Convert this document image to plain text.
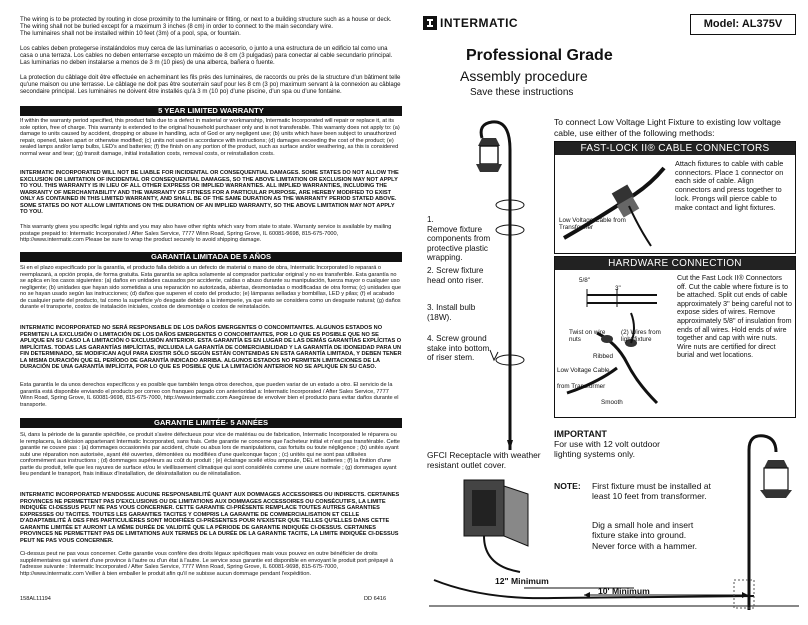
The wiring is to be protected by routing in close proximity to the luminaire or fitting, or next to a building structure such as a house or deck.

The wiring shall not be buried except for a maximum 3 inches (8 cm) in order to connect to the main secondary wire.

The luminaires shall not be installed within 10 feet (3m) of a pool, spa, or fountain.

Los cables deben protegerse instalándolos muy cerca de las luminarias o accesorio, o junto a una estructura de un edificio tal como una casa o una terraza. Los cables no deben enterrarse excepto un máximo de 8 cm (3 pulgadas) para conectar al cable secundario principal. Las luminarias no deben instalarse a menos de 3 m (10 pies) de una alberca, bañera o fuente.

La protection du câblage doit être effectuée en acheminant les fils près des luminaires, de raccords ou près de la structure d'un bâtiment telle qu'une maison ou une terrasse. Le câblage ne doit pas être souterrain sauf pour les 8 cm (3 po) maximum servant à la connexion au câblage secondaire principal. Les luminaires ne doivent être installés qu'à 3 m (10 po) d'une piscine, d'un spa ou d'une fontaine.

5 YEAR LIMITED WARRANTY

If within the warranty period specified, this product fails due to a defect in material or workmanship, Intermatic Incorporated will repair or replace it, at its sole option, free of charge. This warranty is extended to the original household purchaser only and is not transferable. This warranty does not apply to: (a) damage to units caused by accident, dropping or abuse in handling, acts of God or any negligent use; (b) units which have been subject to unauthorized repair, opened, taken apart or otherwise modified; (c) units not used in accordance with instructions; (d) damages exceeding the cost of the product; (e) sealed lamps and/or lamp bulbs, LED's and batteries; (f) the finish on any portion of the product, such as surface and/or weathering, as this is considered normal wear and tear; (g) transit damage, initial installation costs, removal costs, or reinstallation costs.

INTERMATIC INCORPORATED WILL NOT BE LIABLE FOR INCIDENTAL OR CONSEQUENTIAL DAMAGES. SOME STATES DO NOT ALLOW THE EXCLUSION OR LIMITATION OF INCIDENTAL OR CONSEQUENTIAL DAMAGES, SO THE ABOVE LIMITATION OR EXCLUSION MAY NOT APPLY TO YOU. THIS WARRANTY IS IN LIEU OF ALL OTHER EXPRESS OR IMPLIED WARRANTIES. ALL IMPLIED WARRANTIES, INCLUDING THE WARRANTY OF MERCHANTABILITY AND THE WARRANTY OF FITNESS FOR A PARTICULAR PURPOSE, ARE HEREBY MODIFIED TO EXIST ONLY AS CONTAINED IN THIS LIMITED WARRANTY, AND SHALL BE OF THE SAME DURATION AS THE WARRANTY PERIOD STATED ABOVE. SOME STATES DO NOT ALLOW LIMITATIONS ON THE DURATION OF AN IMPLIED WARRANTY, SO THE ABOVE LIMITATION MAY NOT APPLY TO YOU.

This warranty gives you specific legal rights and you may also have other rights which vary from state to state. Warranty service is available by mailing postage prepaid to: Intermatic Incorporated / After Sales Service, 7777 Winn Road, Spring Grove, IL 60081-9698, 815-675-7000, http://www.intermatic.com Please be sure to wrap the product securely to avoid shipping damage.

GARANTÍA LIMITADA DE 5 AÑOS

Si en el plazo especificado por la garantía, el producto falla debido a un defecto de material o mano de obra, Intermatic Incorporated lo reparará o reemplazará, a opción propia, de forma gratuita. Esta garantía se aplica solamente al comprador particular original y no es transferible. Esta garantía no se aplica en los casos siguientes: (a) daños en unidades causados por accidente, caídas o abuso durante su manipulación, fuerza mayor o cualquier uso negligente; (b) unidades que hayan sido sometidas a una reparación no autorizada, abiertas, desmontadas o modificadas de otra forma; (c) unidades que no se hayan usado según las instrucciones; (d) daños que superen el costo del producto; (e) lámparas selladas y bombillas, LED y pilas; (f) el acabado de cualquier parte del producto, tal como la superficie y/o desgaste debido a la intemperie, ya que esto se considera como un desgaste natural; (g) daños durante el transporte, costos de instalación iniciales, costos de desmontaje o costos de reinstalación.

INTERMATIC INCORPORATED NO SERÁ RESPONSABLE DE LOS DAÑOS EMERGENTES O CONCOMITANTES. ALGUNOS ESTADOS NO PERMITEN LA EXCLUSIÓN O LIMITACIÓN DE LOS DAÑOS EMERGENTES O CONCOMITANTES, POR LO QUE ES POSIBLE QUE NO SE APLIQUE EN SU CASO LA LIMITACIÓN O EXCLUSIÓN ANTERIOR. ESTA GARANTÍA ES EN LUGAR DE LAS DEMÁS GARANTÍAS EXPLÍCITAS O IMPLÍCITAS. TODAS LAS GARANTÍAS IMPLÍCITAS, INCLUIDA LA GARANTÍA DE COMERCIABILIDAD Y LA GARANTÍA DE IDONEIDAD PARA UN FIN DETERMINADO, SE MODIFICAN AQUÍ PARA EXISTIR SÓLO SEGÚN ESTÁN CONTENIDAS EN ESTA GARANTÍA LIMITADA, Y DEBEN TENER LA MISMA DURACIÓN QUE EL PERÍODO DE GARANTÍA INDICADO ARRIBA. ALGUNOS ESTADOS NO PERMITEN LIMITACIONES DE LA DURACIÓN DE UNA GARANTÍA IMPLÍCITA, POR LO QUE ES POSIBLE QUE LA LIMITACIÓN ANTERIOR NO SE APLIQUE EN SU CASO.

Esta garantía le da unos derechos específicos y es posible que también tenga otros derechos, que pueden variar de un estado a otro. El servicio de la garantía está disponible enviando el producto por correo con franqueo pagado con anterioridad a: Intermatic Incorporated / After Sales Service, 7777 Winn Road, Spring Grove, IL 60081-9698, 815-675-7000, http://www.intermatic.com Asegúrese de envolver bien el producto para evitar daños durante el transporte.

GARANTIE LIMITÉE- 5 ANNÉES

Si, dans la période de la garantie spécifiée, ce produit s'avère défectueux pour vice de matériau ou de fabrication, Intermatic Incorporated le réparera ou le remplacera, la décision appartenant Intermatic Incorporated, sans frais. Cette garantie ne concerne que l'acheteur initial et n'est pas transférable. Cette garantie ne couvre pas : (a) dommages occasionnés par accident, chute ou abus lors de manipulations, cas fortuits ou toute négligence ; (b) unités ayant subi une réparation non autorisée, ayant été ouvertes, démontées ou modifiées d'une quelconque façon ; (c) unités qui ne sont pas utilisées conformément aux instructions ; (d) dommages supérieurs au coût du produit ; (e) éclairage scellé et/ou ampoule, DEL et batteries ; (f) la finition d'une partie du produit, telle que les rayures de surface et/ou le vieillissement climatique qui sont considérés comme une usure normale ; (g) dommages ayant lieu pendant le transport, frais initiaux d'installation, de désinstallation ou de réinstallation.

INTERMATIC INCORPORATED N'ENDOSSE AUCUNE RESPONSABILITÉ QUANT AUX DOMMAGES ACCESSOIRES OU INDIRECTS. CERTAINES PROVINCES NE PERMETTENT PAS D'EXCLUSIONS OU DE LIMITATIONS AUX DOMMAGES ACCESSOIRES OU CONSÉCUTIFS, LA LIMITE INDIQUÉE CI-DESSUS PEUT NE PAS VOUS CONCERNER. CETTE GARANTIE CI-PRÉSENTE REMPLACE TOUTES AUTRES GARANTIES EXPRESSES OU TACITES. TOUTES LES GARANTIES TACITES Y COMPRIS LA GARANTIE DE COMMERCIALISATION ET CELLE D'ADAPTABILITÉ À DES FINS PARTICULIÈRES SONT MODIFIÉES CI-PRÉSENTES POUR N'EXISTER QUE TELLES QU'ELLES DANS CETTE GARANTIE LIMITÉE ET AURONT LA MÊME DURÉE DE VALIDITÉ QUE LA PÉRIODE DE GARANTIE INDIQUÉE CI-DESSUS. CERTAINES PROVINCES NE PERMETTENT PAS DE LIMITATIONS AUX TERMES DE LA DURÉE DE LA GARANTIE TACITE, LA LIMITE INDIQUÉE CI-DESSUS PEUT NE PAS VOUS CONCERNER.

Ci-dessus peut ne pas vous concerner. Cette garantie vous confère des droits légaux spécifiques mais vous pouvez en outre bénéficier de droits supplémentaires qui varient d'une province à l'autre ou d'un état à l'autre. Le service sous garantie est disponible en envoyant le produit port prépayé à l'adresse suivante : Intermatic Incorporated / After Sales Service, 7777 Winn Road, Spring Grove, IL 60081-9698, 815-675-7000, http://www.intermatic.com Veiller à bien emballer le produit afin qu'il ne subisse aucun dommage pendant l'expédition.

158AL11194	DD 6416
INTERMATIC	Model: AL375V
Professional Grade
Assembly procedure
Save these instructions

To connect Low Voltage Light Fixture to existing low voltage cable, use either of the following methods:

1.
Remove fixture components from protective plastic wrapping.
2. Screw fixture head onto riser.
3. Install bulb (18W).
4. Screw ground stake into bottom of riser stem.
FAST-LOCK II® CABLE CONNECTORS
Low Voltage Cable from Transformer

Attach fixtures to cable with cable connectors. Place 1 connector on each side of cable. Align connectors and press together to lock. Prongs will pierce cable to make contact and light fixtures.

HARDWARE CONNECTION
5/8"
3"
Twist on wire nuts
(2) Wires from light fixture
Ribbed
Low Voltage Cable
from Transformer
Smooth

Cut the Fast Lock II® Connectors off. Cut the cable where fixture is to be attached. Split cut ends of cable approximately 3" being careful not to expose sides of wires. Remove approximately 5/8" of insulation from ends of all wires. Hold ends of wire together and cap with wire nuts. Wire nuts are certified for direct burial and wet locations.

IMPORTANT

For use with 12 volt outdoor lighting systems only.

GFCI Receptacle with weather resistant outlet cover.

NOTE: First fixture must be installed at least 10 feet from transformer.

Dig a small hole and insert fixture stake into ground. Never force with a hammer.

12" Minimum
10' Minimum
